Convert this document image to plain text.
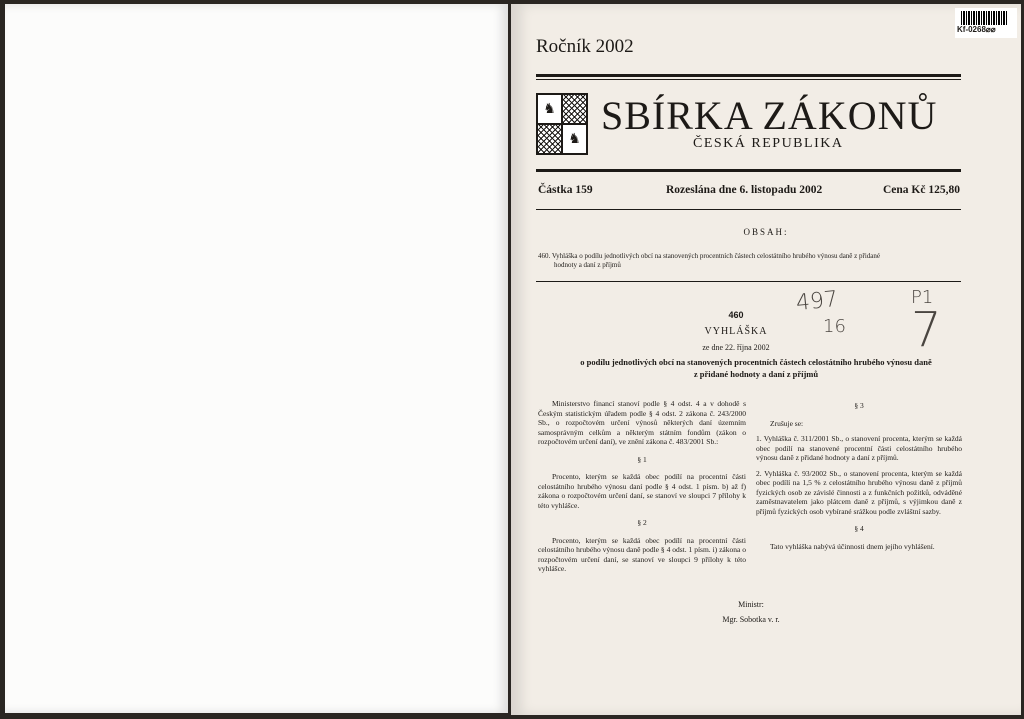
Kf-0268⌀⌀
Ročník 2002
♞
♞
SBÍRKA ZÁKONŮ
ČESKÁ REPUBLIKA
Částka 159	Rozeslána dne 6. listopadu 2002	Cena Kč 125,80
OBSAH:
460. Vyhláška o podílu jednotlivých obcí na stanovených procentních částech celostátního hrubého výnosu daně z přidané
hodnoty a daní z příjmů
497
16
P1
7
460
VYHLÁŠKA
ze dne 22. října 2002
o podílu jednotlivých obcí na stanovených procentních částech celostátního hrubého výnosu daně
z přidané hodnoty a daní z příjmů

Ministerstvo financí stanoví podle § 4 odst. 4 a v dohodě s Českým statistickým úřadem podle § 4 odst. 2 zákona č. 243/2000 Sb., o rozpočtovém určení výnosů některých daní územním samosprávným celkům a některým státním fondům (zákon o rozpočtovém určení daní), ve znění zákona č. 483/2001 Sb.:

§ 1

Procento, kterým se každá obec podílí na procentní části celostátního hrubého výnosu daní podle § 4 odst. 1 písm. b) až f) zákona o rozpočtovém určení daní, se stanoví ve sloupci 7 přílohy k této vyhlášce.

§ 2

Procento, kterým se každá obec podílí na procentní části celostátního hrubého výnosu daně podle § 4 odst. 1 písm. i) zákona o rozpočtovém určení daní, se stanoví ve sloupci 9 přílohy k této vyhlášce.

§ 3

Zrušuje se:

1. Vyhláška č. 311/2001 Sb., o stanovení procenta, kterým se každá obec podílí na stanovené procentní části celostátního hrubého výnosu daně z přidané hodnoty a daní z příjmů.

2. Vyhláška č. 93/2002 Sb., o stanovení procenta, kterým se každá obec podílí na 1,5 % z celostátního hrubého výnosu daně z příjmů fyzických osob ze závislé činnosti a z funkčních požitků, odváděné zaměstnavatelem jako plátcem daně z příjmů, s výjimkou daně z příjmů fyzických osob vybírané srážkou podle zvláštní sazby.

§ 4

Tato vyhláška nabývá účinnosti dnem jejího vyhlášení.

Ministr:
Mgr. Sobotka v. r.
